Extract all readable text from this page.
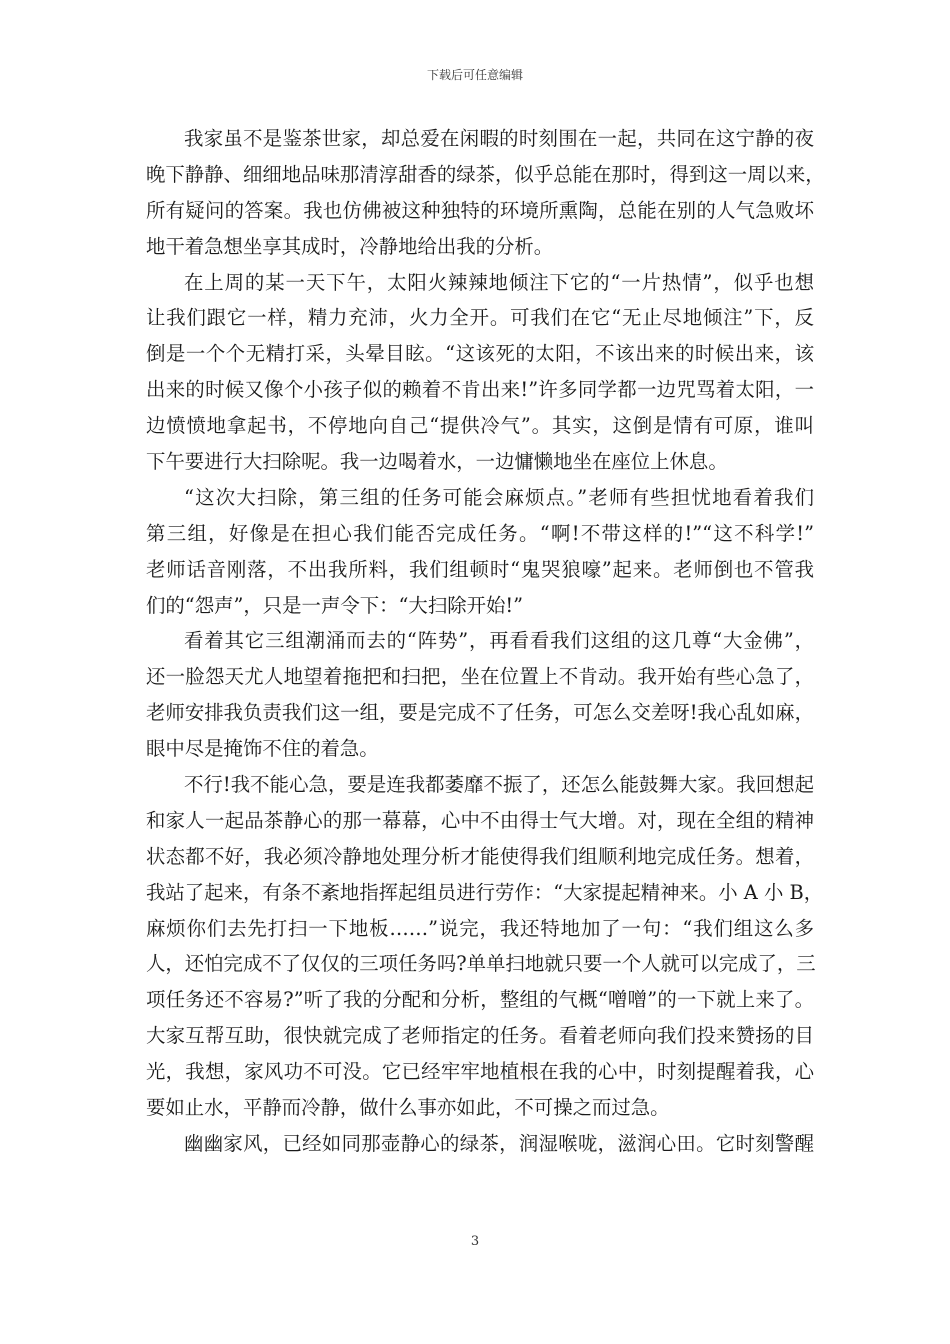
下载后可任意编辑

我家虽不是鉴茶世家，却总爱在闲暇的时刻围在一起，共同在这宁静的夜
晚下静静、细细地品味那清淳甜香的绿茶，似乎总能在那时，得到这一周以来，
所有疑问的答案。我也仿佛被这种独特的环境所熏陶，总能在别的人气急败坏
地干着急想坐享其成时，冷静地给出我的分析。

在上周的某一天下午，太阳火辣辣地倾注下它的“一片热情”，似乎也想
让我们跟它一样，精力充沛，火力全开。可我们在它“无止尽地倾注”下，反
倒是一个个无精打采，头晕目眩。“这该死的太阳，不该出来的时候出来，该
出来的时候又像个小孩子似的赖着不肯出来!”许多同学都一边咒骂着太阳，一
边愤愤地拿起书，不停地向自己“提供冷气”。其实，这倒是情有可原，谁叫
下午要进行大扫除呢。我一边喝着水，一边慵懒地坐在座位上休息。

“这次大扫除，第三组的任务可能会麻烦点。”老师有些担忧地看着我们
第三组，好像是在担心我们能否完成任务。“啊!不带这样的!”“这不科学!”
老师话音刚落，不出我所料，我们组顿时“鬼哭狼嚎”起来。老师倒也不管我
们的“怨声”，只是一声令下：“大扫除开始!”

看着其它三组潮涌而去的“阵势”，再看看我们这组的这几尊“大金佛”，
还一脸怨天尤人地望着拖把和扫把，坐在位置上不肯动。我开始有些心急了，
老师安排我负责我们这一组，要是完成不了任务，可怎么交差呀!我心乱如麻，
眼中尽是掩饰不住的着急。

不行!我不能心急，要是连我都萎靡不振了，还怎么能鼓舞大家。我回想起
和家人一起品茶静心的那一幕幕，心中不由得士气大增。对，现在全组的精神
状态都不好，我必须冷静地处理分析才能使得我们组顺利地完成任务。想着，
我站了起来，有条不紊地指挥起组员进行劳作：“大家提起精神来。小 A 小 B，
麻烦你们去先打扫一下地板……”说完，我还特地加了一句：“我们组这么多
人，还怕完成不了仅仅的三项任务吗?单单扫地就只要一个人就可以完成了，三
项任务还不容易?”听了我的分配和分析，整组的气概“噌噌”的一下就上来了。
大家互帮互助，很快就完成了老师指定的任务。看着老师向我们投来赞扬的目
光，我想，家风功不可没。它已经牢牢地植根在我的心中，时刻提醒着我，心
要如止水，平静而冷静，做什么事亦如此，不可操之而过急。

幽幽家风，已经如同那壶静心的绿茶，润湿喉咙，滋润心田。它时刻警醒

3
